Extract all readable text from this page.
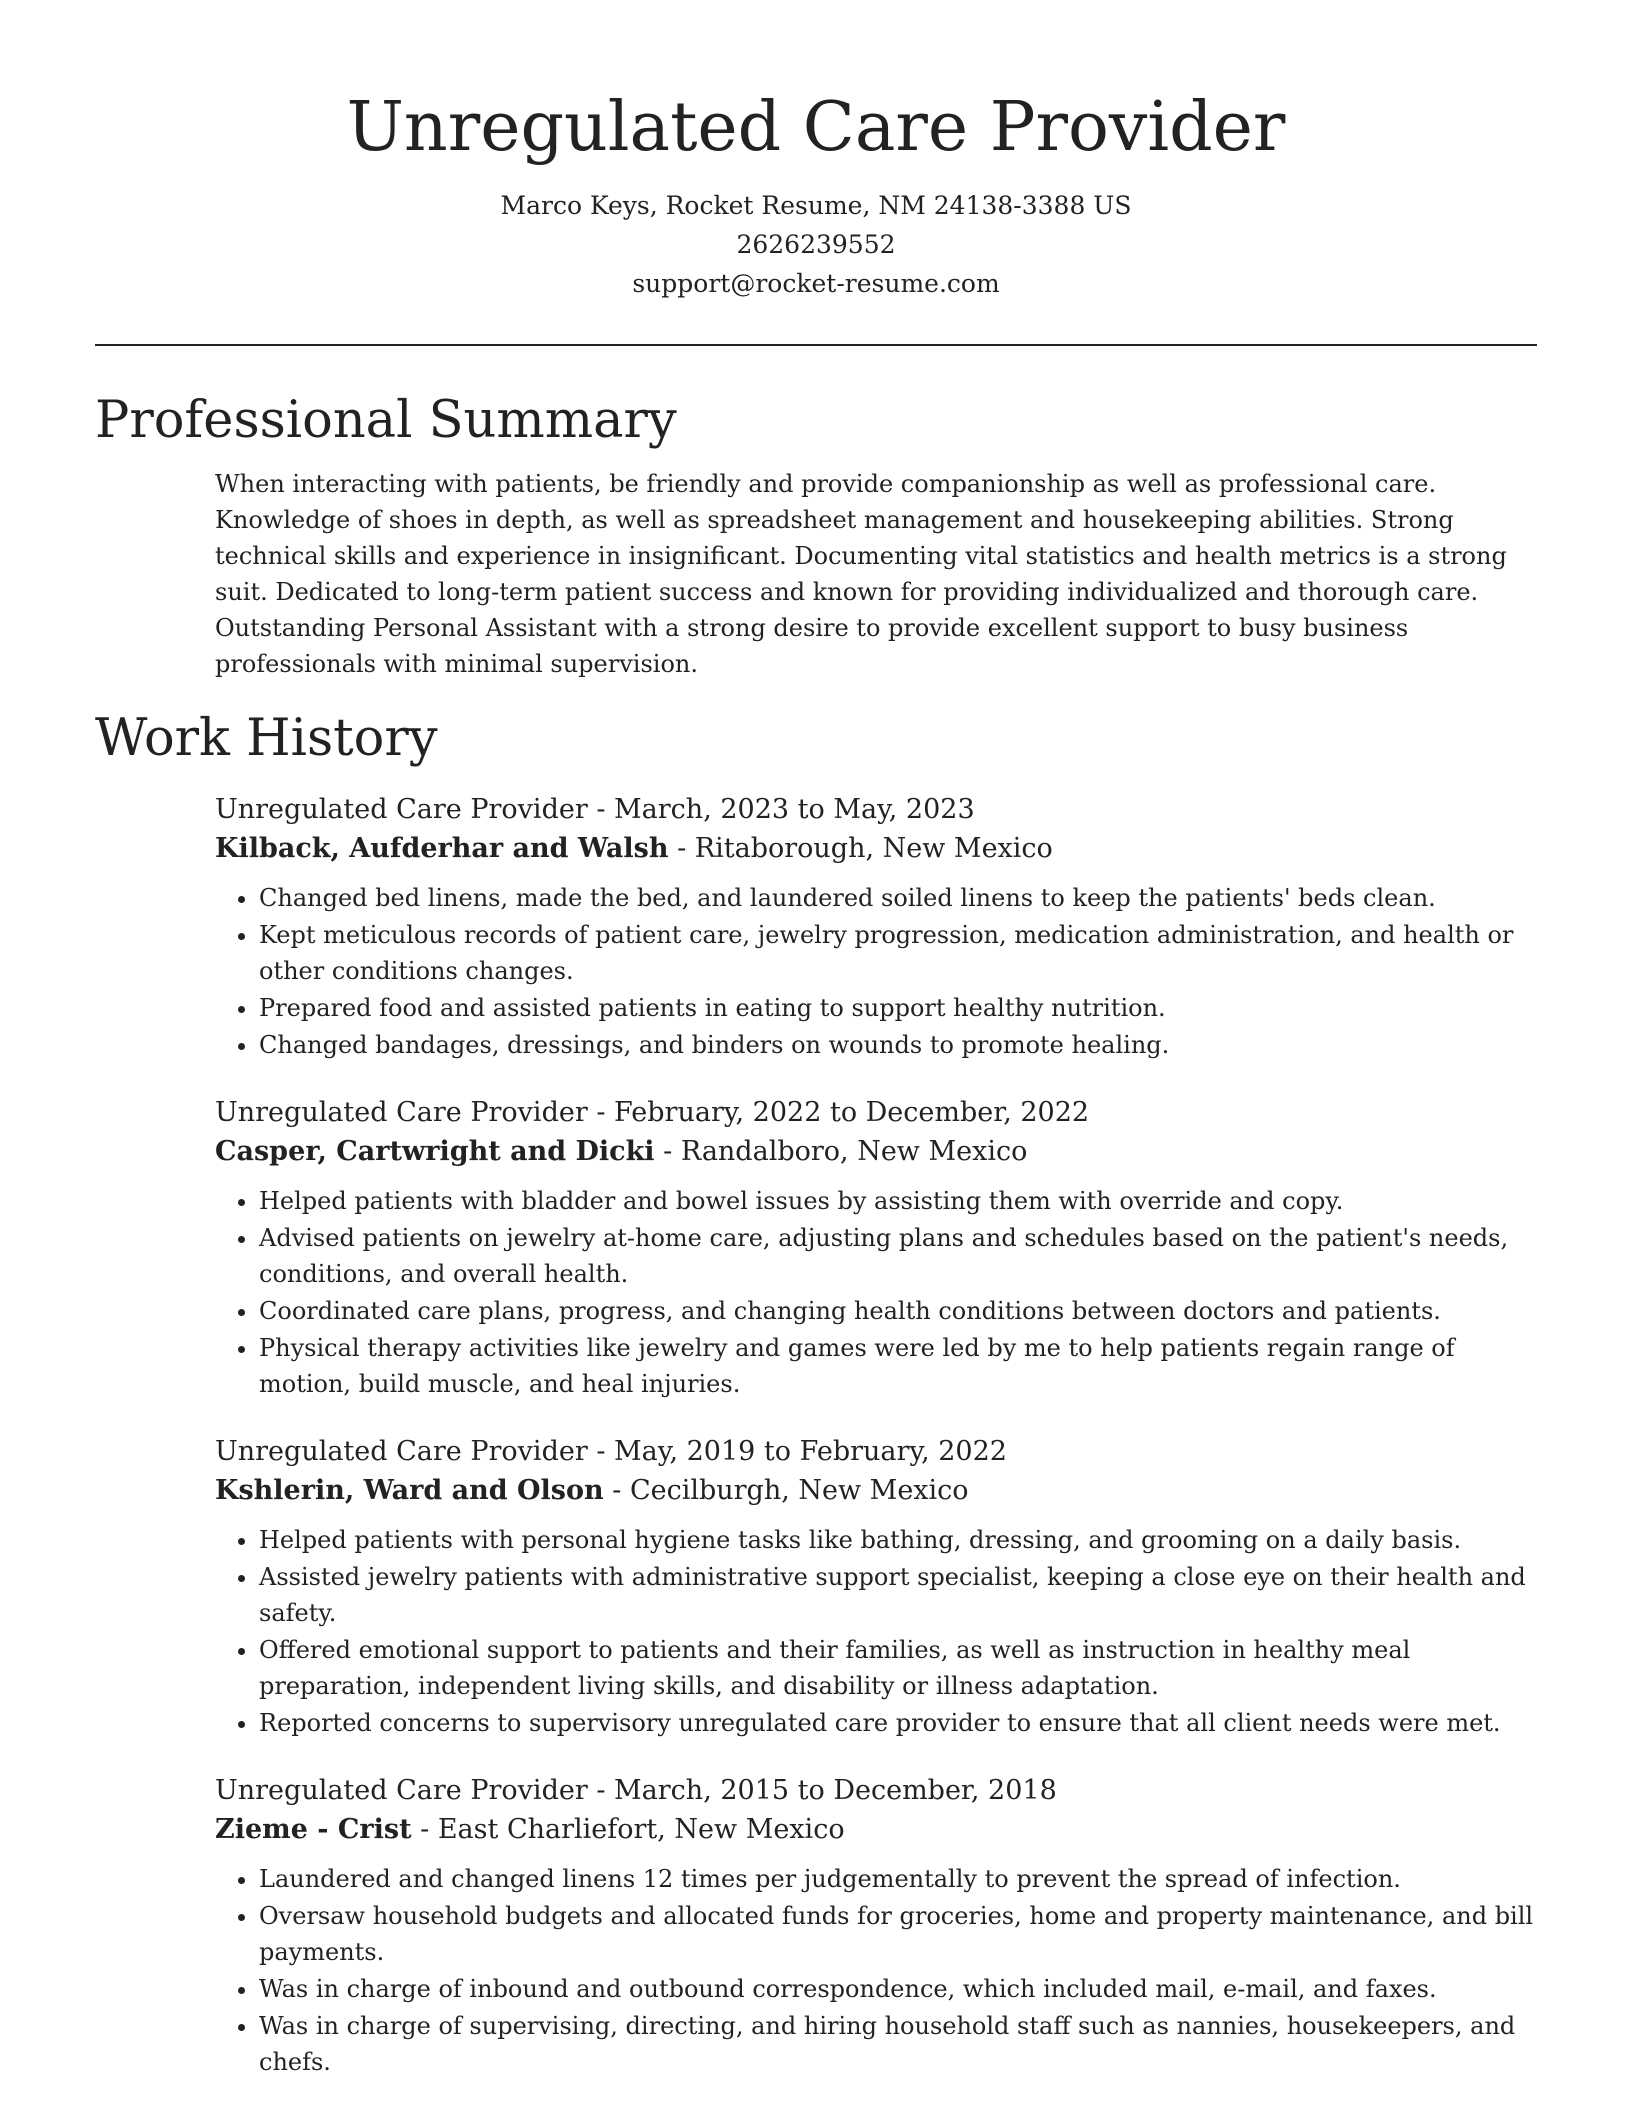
Unregulated Care Provider

Marco Keys, Rocket Resume, NM 24138-3388 US

2626239552

support@rocket-resume.com

Professional Summary

When interacting with patients, be friendly and provide companionship as well as professional care. Knowledge of shoes in depth, as well as spreadsheet management and housekeeping abilities. Strong technical skills and experience in insignificant. Documenting vital statistics and health metrics is a strong suit. Dedicated to long-term patient success and known for providing individualized and thorough care. Outstanding Personal Assistant with a strong desire to provide excellent support to busy business professionals with minimal supervision.

Work History

Unregulated Care Provider - March, 2023 to May, 2023

Kilback, Aufderhar and Walsh - Ritaborough, New Mexico

• Changed bed linens, made the bed, and laundered soiled linens to keep the patients' beds clean.
• Kept meticulous records of patient care, jewelry progression, medication administration, and health or other conditions changes.
• Prepared food and assisted patients in eating to support healthy nutrition.
• Changed bandages, dressings, and binders on wounds to promote healing.

Unregulated Care Provider - February, 2022 to December, 2022

Casper, Cartwright and Dicki - Randalboro, New Mexico

• Helped patients with bladder and bowel issues by assisting them with override and copy.
• Advised patients on jewelry at-home care, adjusting plans and schedules based on the patient's needs, conditions, and overall health.
• Coordinated care plans, progress, and changing health conditions between doctors and patients.
• Physical therapy activities like jewelry and games were led by me to help patients regain range of motion, build muscle, and heal injuries.

Unregulated Care Provider - May, 2019 to February, 2022

Kshlerin, Ward and Olson - Cecilburgh, New Mexico

• Helped patients with personal hygiene tasks like bathing, dressing, and grooming on a daily basis.
• Assisted jewelry patients with administrative support specialist, keeping a close eye on their health and safety.
• Offered emotional support to patients and their families, as well as instruction in healthy meal preparation, independent living skills, and disability or illness adaptation.
• Reported concerns to supervisory unregulated care provider to ensure that all client needs were met.

Unregulated Care Provider - March, 2015 to December, 2018

Zieme - Crist - East Charliefort, New Mexico

• Laundered and changed linens 12 times per judgementally to prevent the spread of infection.
• Oversaw household budgets and allocated funds for groceries, home and property maintenance, and bill payments.
• Was in charge of inbound and outbound correspondence, which included mail, e-mail, and faxes.
• Was in charge of supervising, directing, and hiring household staff such as nannies, housekeepers, and chefs.
